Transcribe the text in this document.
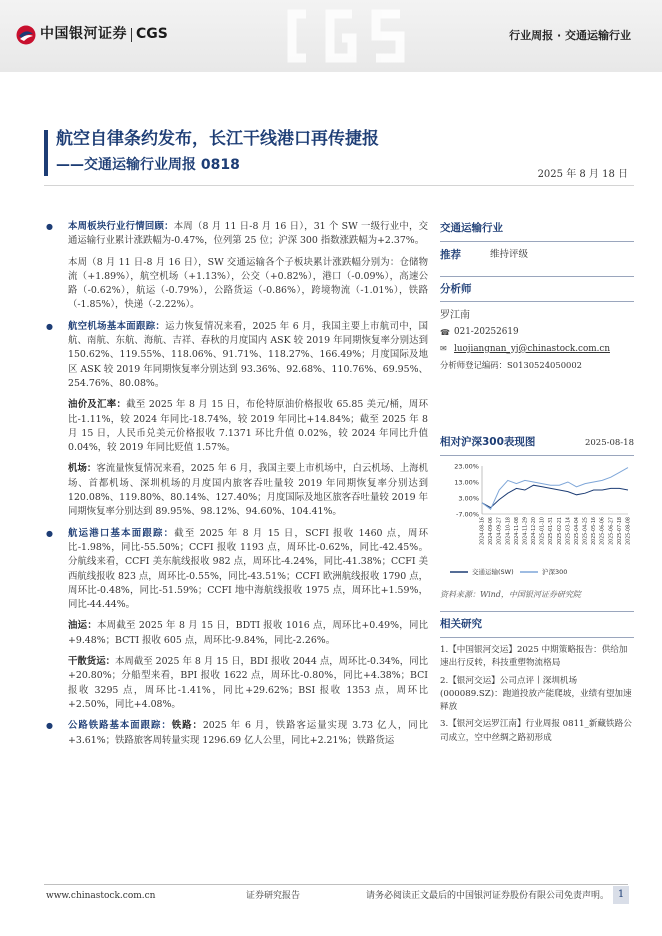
中国银河证券 CGS	行业周报 · 交通运输行业
航空自律条约发布，长江干线港口再传捷报
——交通运输行业周报 0818
2025 年 8 月 18 日
●	本周板块行业行情回顾：本周（8 月 11 日-8 月 16 日），31 个 SW 一级行业中，交通运输行业累计涨跌幅为-0.47%，位列第 25 位；沪深 300 指数涨跌幅为+2.37%。

本周（8 月 11 日-8 月 16 日），SW 交通运输各个子板块累计涨跌幅分别为：仓储物流（+1.89%），航空机场（+1.13%），公交（+0.82%），港口（-0.09%），高速公路（-0.62%），航运（-0.79%），公路货运（-0.86%），跨境物流（-1.01%），铁路（-1.85%），快递（-2.22%）。

●	航空机场基本面跟踪：运力恢复情况来看，2025 年 6 月，我国主要上市航司中，国航、南航、东航、海航、吉祥、春秋的月度国内 ASK 较 2019 年同期恢复率分别达到 150.62%、119.55%、118.06%、91.71%、118.27%、166.49%；月度国际及地区 ASK 较 2019 年同期恢复率分别达到 93.36%、92.68%、110.76%、69.95%、254.76%、80.08%。

油价及汇率：截至 2025 年 8 月 15 日，布伦特原油价格报收 65.85 美元/桶，周环比-1.11%，较 2024 年同比-18.74%，较 2019 年同比+14.84%；截至 2025 年 8 月 15 日，人民币兑美元价格报收 7.1371 环比升值 0.02%，较 2024 年同比升值 0.04%，较 2019 年同比贬值 1.57%。

机场：客流量恢复情况来看，2025 年 6 月，我国主要上市机场中，白云机场、上海机场、首都机场、深圳机场的月度国内旅客吞吐量较 2019 年同期恢复率分别达到 120.08%、119.80%、80.14%、127.40%；月度国际及地区旅客吞吐量较 2019 年同期恢复率分别达到 89.95%、98.12%、94.60%、104.41%。

●	航运港口基本面跟踪：截至 2025 年 8 月 15 日，SCFI 报收 1460 点，周环比-1.98%，同比-55.50%；CCFI 报收 1193 点，周环比-0.62%，同比-42.45%。分航线来看，CCFI 美东航线报收 982 点，周环比-4.24%，同比-41.38%；CCFI 美西航线报收 823 点，周环比-0.55%，同比-43.51%；CCFI 欧洲航线报收 1790 点，周环比-0.48%，同比-51.59%；CCFI 地中海航线报收 1975 点，周环比+1.59%，同比-44.44%。

油运：本周截至 2025 年 8 月 15 日，BDTI 报收 1016 点，周环比+0.49%，同比+9.48%；BCTI 报收 605 点，周环比-9.84%，同比-2.26%。

干散货运：本周截至 2025 年 8 月 15 日，BDI 报收 2044 点，周环比-0.34%，同比+20.80%；分船型来看，BPI 报收 1622 点，周环比-0.80%，同比+4.38%；BCI 报收 3295 点，周环比-1.41%，同比+29.62%；BSI 报收 1353 点，周环比+2.50%，同比+4.08%。

●	公路铁路基本面跟踪：铁路：2025 年 6 月，铁路客运量实现 3.73 亿人，同比+3.61%；铁路旅客周转量实现 1296.69 亿人公里，同比+2.21%；铁路货运

交通运输行业
推荐	维持评级
分析师
罗江南
☎ 021-20252619
✉ luojiangnan_yj@chinastock.com.cn
分析师登记编码：S0130524050002
相对沪深300表现图	2025-08-18
23.00%
13.00%
3.00%
-7.00%
2024-08-16 2024-09-06 2024-09-27 2024-10-18 2024-11-08 2024-11-29 2024-12-20 2025-01-10 2025-01-31 2025-02-21 2025-03-14 2025-04-04 2025-04-25 2025-05-16 2025-06-06 2025-06-27 2025-07-18 2025-08-08
交通运输(SW)	沪深300
资料来源：Wind，中国银河证券研究院
相关研究
1.【中国银河交运】2025 中期策略报告：供给加速出行反转，科技重塑物流格局
2.【银河交运】公司点评丨深圳机场 (000089.SZ)：跑道投放产能爬坡，业绩有望加速释放
3.【银河交运罗江南】行业周报 0811_新藏铁路公司成立，空中丝绸之路初形成
www.chinastock.com.cn	证券研究报告	请务必阅读正文最后的中国银河证券股份有限公司免责声明。 1
